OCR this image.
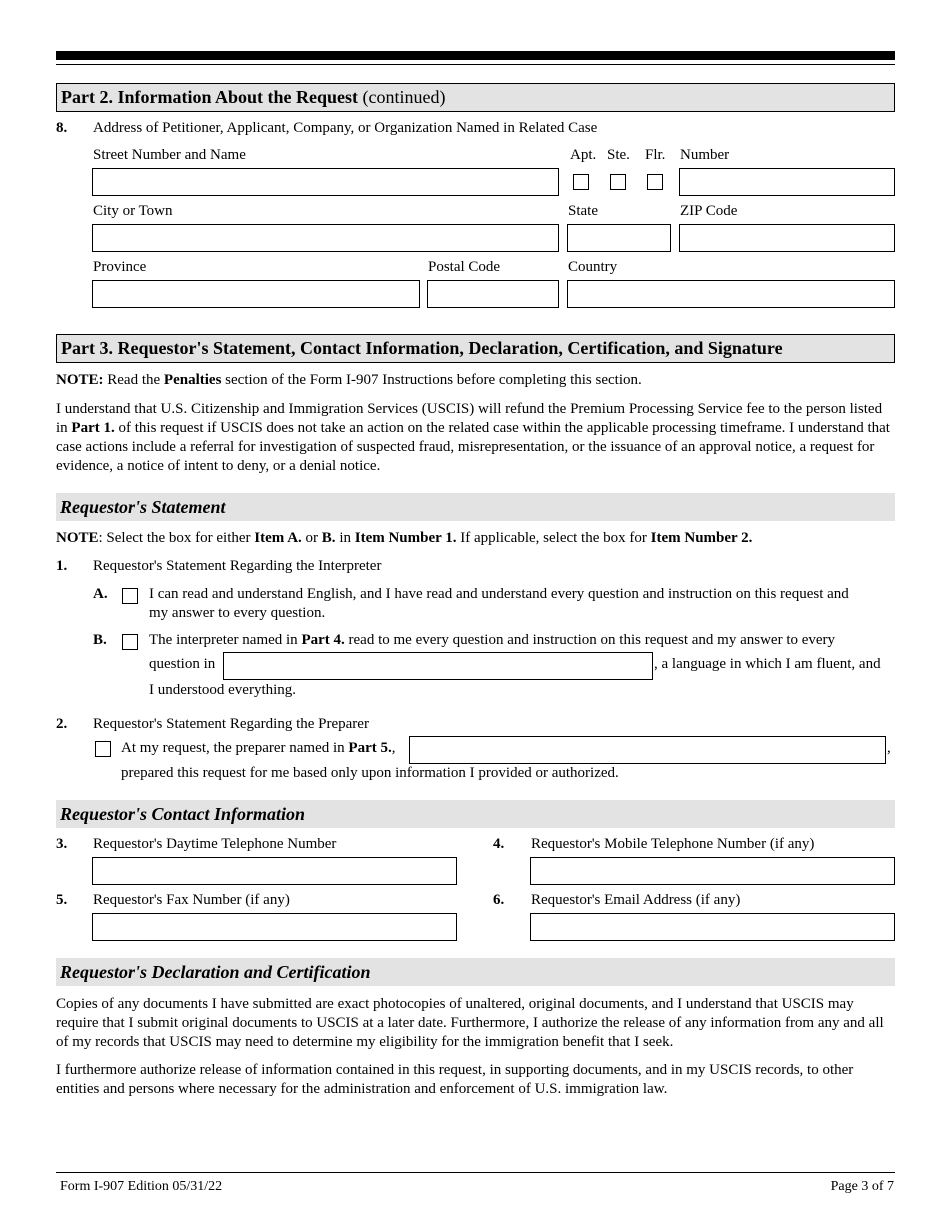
Part 2. Information About the Request (continued)
8. Address of Petitioner, Applicant, Company, or Organization Named in Related Case
Street Number and Name	Apt. Ste. Flr. Number
City or Town	State	ZIP Code
Province	Postal Code	Country
Part 3. Requestor's Statement, Contact Information, Declaration, Certification, and Signature
NOTE: Read the Penalties section of the Form I-907 Instructions before completing this section.
I understand that U.S. Citizenship and Immigration Services (USCIS) will refund the Premium Processing Service fee to the person listed in Part 1. of this request if USCIS does not take an action on the related case within the applicable processing timeframe. I understand that case actions include a referral for investigation of suspected fraud, misrepresentation, or the issuance of an approval notice, a request for evidence, a notice of intent to deny, or a denial notice.
Requestor's Statement
NOTE: Select the box for either Item A. or B. in Item Number 1. If applicable, select the box for Item Number 2.
1. Requestor's Statement Regarding the Interpreter
A.	I can read and understand English, and I have read and understand every question and instruction on this request and
my answer to every question.
B.	The interpreter named in Part 4. read to me every question and instruction on this request and my answer to every
question in	, a language in which I am fluent, and
I understood everything.
2. Requestor's Statement Regarding the Preparer
At my request, the preparer named in Part 5.,	,
prepared this request for me based only upon information I provided or authorized.
Requestor's Contact Information
3. Requestor's Daytime Telephone Number	4. Requestor's Mobile Telephone Number (if any)
5. Requestor's Fax Number (if any)	6. Requestor's Email Address (if any)
Requestor's Declaration and Certification
Copies of any documents I have submitted are exact photocopies of unaltered, original documents, and I understand that USCIS may require that I submit original documents to USCIS at a later date. Furthermore, I authorize the release of any information from any and all of my records that USCIS may need to determine my eligibility for the immigration benefit that I seek.
I furthermore authorize release of information contained in this request, in supporting documents, and in my USCIS records, to other entities and persons where necessary for the administration and enforcement of U.S. immigration law.
Form I-907 Edition 05/31/22	Page 3 of 7
